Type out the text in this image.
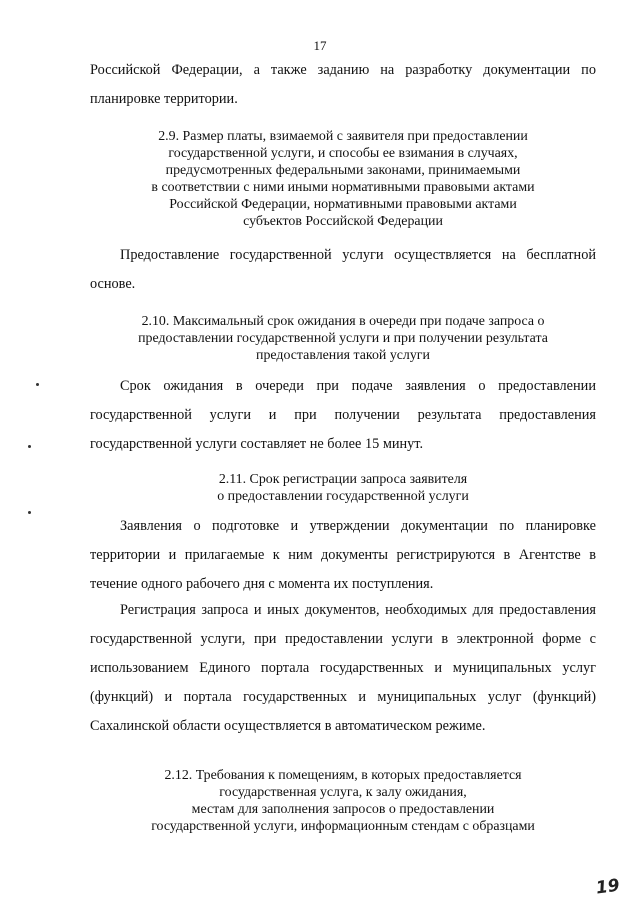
17

Российской Федерации, а также заданию на разработку документации по планировке территории.

2.9. Размер платы, взимаемой с заявителя при предоставлении
государственной услуги, и способы ее взимания в случаях,
предусмотренных федеральными законами, принимаемыми
в соответствии с ними иными нормативными правовыми актами
Российской Федерации, нормативными правовыми актами
субъектов Российской Федерации

Предоставление государственной услуги осуществляется на бесплатной основе.

2.10. Максимальный срок ожидания в очереди при подаче запроса о
предоставлении государственной услуги и при получении результата
предоставления такой услуги

Срок ожидания в очереди при подаче заявления о предоставлении государственной услуги и при получении результата предоставления государственной услуги составляет не более 15 минут.

2.11. Срок регистрации запроса заявителя
о предоставлении государственной услуги

Заявления о подготовке и утверждении документации по планировке территории и прилагаемые к ним документы регистрируются в Агентстве в течение одного рабочего дня с момента их поступления.

Регистрация запроса и иных документов, необходимых для предоставления государственной услуги, при предоставлении услуги в электронной форме с использованием Единого портала государственных и муниципальных услуг (функций) и портала государственных и муниципальных услуг (функций) Сахалинской области осуществляется в автоматическом режиме.

2.12. Требования к помещениям, в которых предоставляется
государственная услуга, к залу ожидания,
местам для заполнения запросов о предоставлении
государственной услуги, информационным стендам с образцами
19
